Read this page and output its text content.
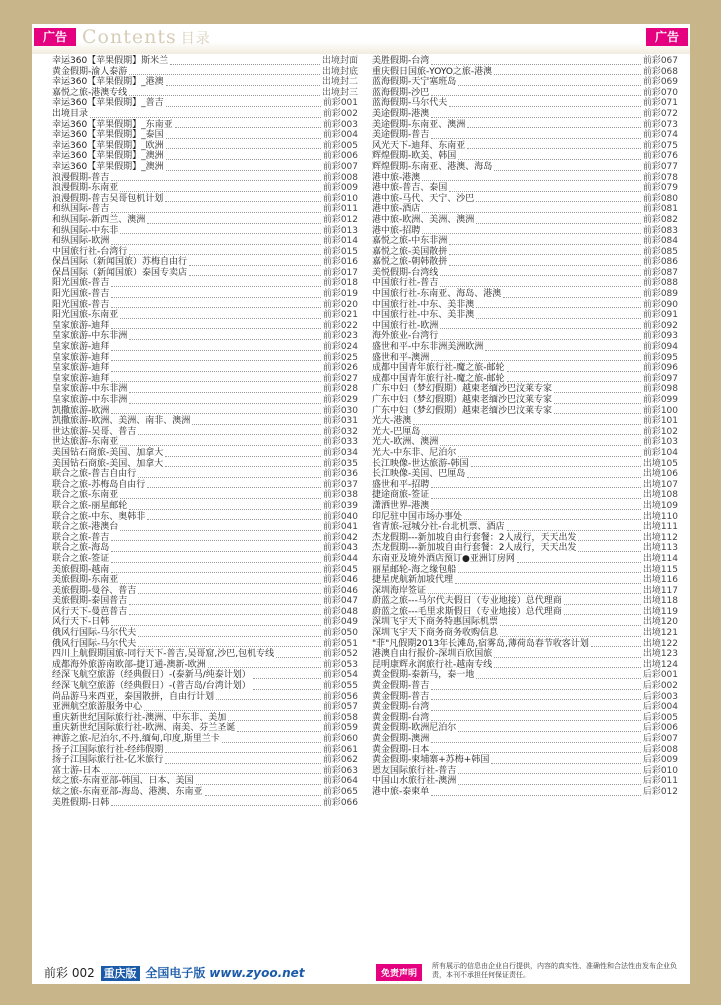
广告 Contents 目录	广告
幸运360【苹果假期】斯米兰	出境封面
黄金假期-渝人泰游	出境封底
幸运360【苹果假期】_港澳	出境封二
嘉悦之旅-港澳专线	出境封三
幸运360【苹果假期】_普吉	前彩001
出境目录	前彩002
幸运360【苹果假期】_东南亚	前彩003
幸运360【苹果假期】_泰国	前彩004
幸运360【苹果假期】_欧洲	前彩005
幸运360【苹果假期】_澳洲	前彩006
幸运360【苹果假期】_澳洲	前彩007
浪漫假期-普吉	前彩008
浪漫假期-东南亚	前彩009
浪漫假期-普吉吴哥包机计划	前彩010
和纵国际-普吉	前彩011
和纵国际-新西兰、澳洲	前彩012
和纵国际-中东非	前彩013
和纵国际-欧洲	前彩014
中国旅行社-台湾行	前彩015
保昌国际（新闻国旅）苏梅自由行	前彩016
保昌国际（新闻国旅）泰国专卖店	前彩017
阳光国旅-普吉	前彩018
阳光国旅-普吉	前彩019
阳光国旅-普吉	前彩020
阳光国旅-东南亚	前彩021
皇家旅游-迪拜	前彩022
皇家旅游-中东非洲	前彩023
皇家旅游-迪拜	前彩024
皇家旅游-迪拜	前彩025
皇家旅游-迪拜	前彩026
皇家旅游-迪拜	前彩027
皇家旅游-中东非洲	前彩028
皇家旅游-中东非洲	前彩029
凯撒旅游-欧洲	前彩030
凯撒旅游-欧洲、美洲、南非、澳洲	前彩031
世达旅游-吴哥、普吉	前彩032
世达旅游-东南亚	前彩033
美国钻石商旅-美国、加拿大	前彩034
美国钻石商旅-美国、加拿大	前彩035
联合之旅-普吉自由行	前彩036
联合之旅-苏梅岛自由行	前彩037
联合之旅-东南亚	前彩038
联合之旅-丽星邮轮	前彩039
联合之旅-中东、奥韩非	前彩040
联合之旅-港澳台	前彩041
联合之旅-普吉	前彩042
联合之旅-海岛	前彩043
联合之旅-签证	前彩044
美旅假期-越南	前彩045
美旅假期-东南亚	前彩046
美旅假期-曼谷、普吉	前彩046
美旅假期-泰国普吉	前彩047
风行天下-曼芭普吉	前彩048
风行天下-日韩	前彩049
俄风行国际-马尔代夫	前彩050
俄风行国际-马尔代夫	前彩051
四川上航假期国旅-同行天下-普吉,吴哥窟,沙巴,包机专线	前彩052
成都海外旅游南欧部-捷订通-澳新-欧洲	前彩053
经深飞航空旅游（经典假日）-(泰新马/纯泰计划）	前彩054
经深飞航空旅游（经典假日）-(普吉岛/台湾计划）	前彩055
尚品游马来西亚，泰国散拼，自由行计划	前彩056
亚洲航空旅游服务中心	前彩057
重庆新世纪国际旅行社-澳洲、中东非、美加	前彩058
重庆新世纪国际旅行社-欧洲、南美、芬兰圣诞	前彩059
神游之旅-尼泊尔,不丹,缅甸,印度,斯里兰卡	前彩060
扬子江国际旅行社-经纬假期	前彩061
扬子江国际旅行社-亿米旅行	前彩062
富士游-日本	前彩063
炫之旅-东南亚部-韩国、日本、美国	前彩064
炫之旅-东南亚部-海岛、港澳、东南亚	前彩065
美胜假期-日韩	前彩066
美胜假期-台湾	前彩067
重庆假日国旅-YOYO之旅-港澳	前彩068
蓝海假期-天宁塞班岛	前彩069
蓝海假期-沙巴	前彩070
蓝海假期-马尔代夫	前彩071
美途假期-港澳	前彩072
美途假期-东南亚、澳洲	前彩073
美途假期-普吉	前彩074
风光天下-迪拜、东南亚	前彩075
辉煌假期-欧美、韩国	前彩076
辉煌假期-东南亚、港澳、海岛	前彩077
港中旅-港澳	前彩078
港中旅-普吉、泰国	前彩079
港中旅-马代、天宁、沙巴	前彩080
港中旅-酒店	前彩081
港中旅-欧洲、美洲、澳洲	前彩082
港中旅-招聘	前彩083
嘉悦之旅-中东非洲	前彩084
嘉悦之旅-美国散拼	前彩085
嘉悦之旅-朝韩散拼	前彩086
美悦假期-台湾线	前彩087
中国旅行社-普吉	前彩088
中国旅行社-东南亚、海岛、港澳	前彩089
中国旅行社-中东、美非澳	前彩090
中国旅行社-中东、美非澳	前彩091
中国旅行社-欧洲	前彩092
海外旅业-台湾行	前彩093
盛世和平-中东非洲美洲欧洲	前彩094
盛世和平-澳洲	前彩095
成都中国青年旅行社-魔之旅-邮轮	前彩096
成都中国青年旅行社-魔之旅-邮轮	前彩097
广东中妇（梦幻假期）越柬老缅沙巴汶莱专家	前彩098
广东中妇（梦幻假期）越柬老缅沙巴汶莱专家	前彩099
广东中妇（梦幻假期）越柬老缅沙巴汶莱专家	前彩100
光大-港澳	前彩101
光大-巴厘岛	前彩102
光大-欧洲、澳洲	前彩103
光大-中东非、尼泊尔	前彩104
长江映像-世达旅游-韩国	出境105
长江映像-美国、巴厘岛	出境106
盛世和平-招聘	出境107
捷途商旅-签证	出境108
潇洒世界-港澳	出境109
印尼驻中国市场办事处	出境110
省青旅-冠城分社-台北机票、酒店	出境111
杰龙假期---新加坡自由行套餐：2人成行，天天出发	出境112
杰龙假期---新加坡自由行套餐：2人成行，天天出发	出境113
东南亚及境外酒店预订●亚洲订房网	出境114
丽星邮轮-海之缘包船	出境115
捷星虎航新加坡代理	出境116
深圳海岸签证	出境117
蔚蓝之旅---马尔代夫假日（专业地接）总代理商	出境118
蔚蓝之旅---毛里求斯假日（专业地接）总代理商	出境119
深圳飞宇天下商务特惠国际机票	出境120
深圳飞宇天下商务商务收购信息	出境121
"菲"凡假期2013年长滩岛,宿雾岛,薄荷岛春节收客计划	出境122
港澳自由行报价-深圳百欣国旅	出境123
昆明康辉永润旅行社-越南专线	出境124
黄金假期-泰新马，泰一地	后彩001
黄金假期-普吉	后彩002
黄金假期-普吉	后彩003
黄金假期-台湾	后彩004
黄金假期-台湾	后彩005
黄金假期-欧洲尼泊尔	后彩006
黄金假期-澳洲	后彩007
黄金假期-日本	后彩008
黄金假期-柬埔寨+苏梅+韩国	后彩009
恩友国际旅行社-普吉	后彩010
中国山水旅行社-澳洲	后彩011
港中旅-泰柬单	后彩012
前彩 002 重庆版 全国电子版 www.zyoo.net	免责声明
所有展示的信息由企业自行提供，内容的真实性、准确性和合法性由发布企业负责，本刊不承担任何保证责任。
